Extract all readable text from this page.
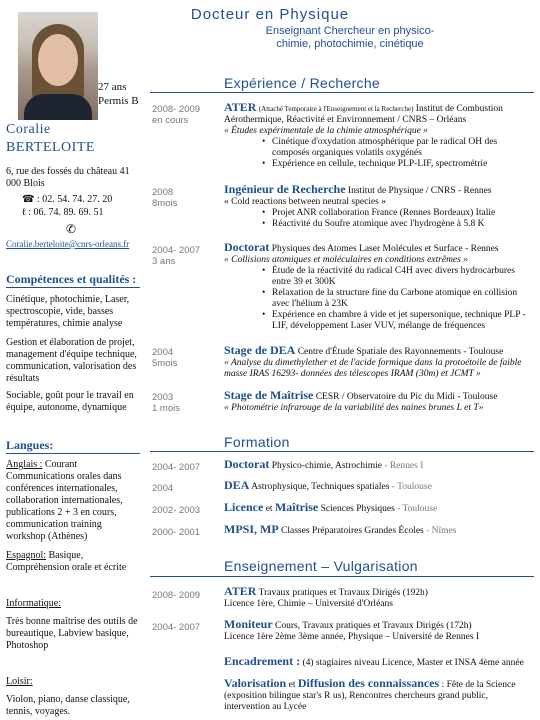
Docteur en Physique
Enseignant Chercheur en physico-chimie, photochimie, cinétique
27 ans
Permis B
Coralie
BERTELOITE
6, rue des fossés du château 41 000 Blois
☎ : 02. 54. 74. 27. 20
ℓ : 06. 74. 89. 69. 51
✆
Coralie.berteloite@cnrs-orleans.fr
Compétences et qualités :
Cinétique, photochimie, Laser, spectroscopie, vide, basses températures, chimie analyse
Gestion et élaboration de projet, management d'équipe technique, communication, valorisation des résultats
Sociable, goût pour le travail en équipe, autonome, dynamique
Langues:
Anglais : Courant Communications orales dans conférences internationales, collaboration internationales, publications 2 + 3 en cours, communication training workshop (Athènes)
Espagnol: Basique, Compréhension orale et écrite
Informatique:
Très bonne maîtrise des outils de bureautique, Labview basique, Photoshop
Loisir:
Violon, piano, danse classique, tennis, voyages.
Expérience / Recherche
2008- 2009
en cours
ATER (Attaché Temporaire à l'Enseignement et la Recherche) Institut de Combustion Aérothermique, Réactivité et Environnement / CNRS – Orléans
« Études expérimentale de la chimie atmosphérique »
• Cinétique d'oxydation atmosphérique par le radical OH des composés organiques volatils oxygénés
• Expérience en cellule, technique PLP-LIF, spectrométrie
2008
8mois
Ingénieur de Recherche Institut de Physique / CNRS - Rennes
« Cold reactions between neutral species »
• Projet ANR collaboration France (Rennes Bordeaux) Italie
• Réactivité du Soufre atomique avec l'hydrogène à 5.8 K
2004- 2007
3 ans
Doctorat Physiques des Atomes Laser Molécules et Surface - Rennes
« Collisions atomiques et moléculaires en conditions extrêmes »
• Étude de la réactivité du radical C4H avec divers hydrocarbures entre 39 et 300K
• Relaxation de la structure fine du Carbone atomique en collision avec l'hélium à 23K
• Expérience en chambre à vide et jet supersonique, technique PLP - LIF, développement Laser VUV, mélange de fréquences
2004
5mois
Stage de DEA Centre d'Étude Spatiale des Rayonnements - Toulouse
« Analyse du dimethylether et de l'acide formique dans la protoétoile de faible masse IRAS 16293- données des télescopes IRAM (30m) et JCMT »
2003
1 mois
Stage de Maîtrise CESR / Observatoire du Pic du Midi - Toulouse
« Photométrie infrarouge de la variabilité des naines brunes L et T»
Formation
2004- 2007 Doctorat Physico-chimie, Astrochimie - Rennes I
2004	DEA Astrophysique, Techniques spatiales - Toulouse
2002- 2003 Licence et Maîtrise Sciences Physiques - Toulouse
2000- 2001 MPSI, MP Classes Préparatoires Grandes Écoles - Nîmes
Enseignement – Vulgarisation
2008- 2009 ATER Travaux pratiques et Travaux Dirigés (192h)
Licence 1ère, Chimie – Université d'Orléans
2004- 2007 Moniteur Cours, Travaux pratiques et Travaux Dirigés (172h)
Licence 1ère 2ème 3ème année, Physique – Université de Rennes I
Encadrement : (4) stagiaires niveau Licence, Master et INSA 4ème année
Valorisation et Diffusion des connaissances : Fête de la Science (exposition bilingue star's R us), Rencontres chercheurs grand public, intervention au Lycée
